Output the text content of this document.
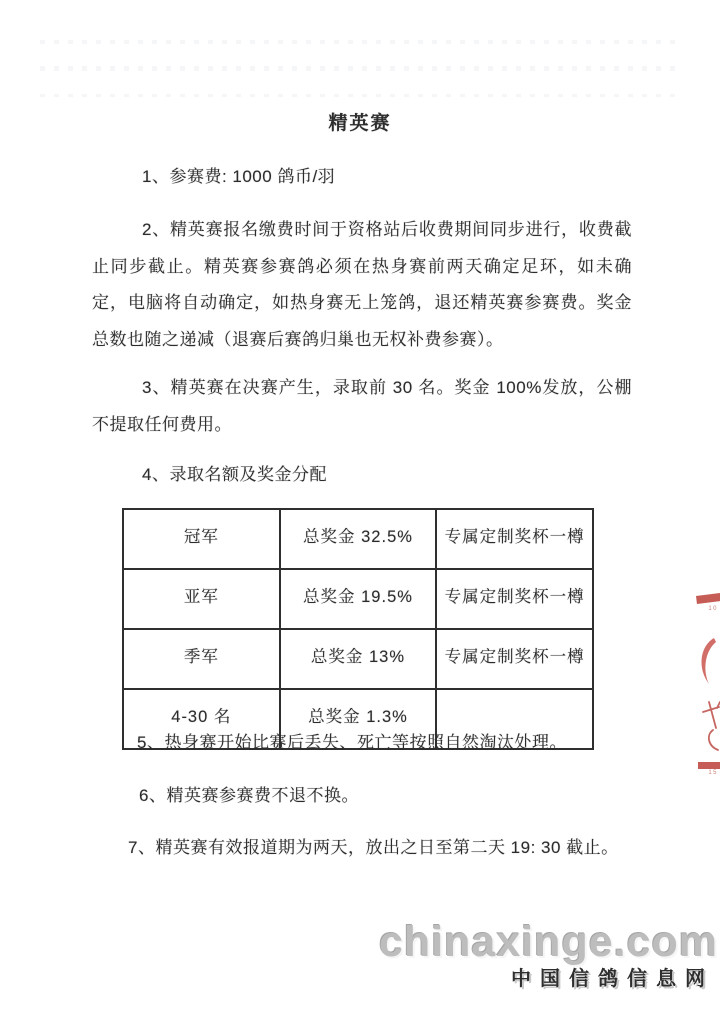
精英赛

1、参赛费: 1000 鸽币/羽

2、精英赛报名缴费时间于资格站后收费期间同步进行，收费截止同步截止。精英赛参赛鸽必须在热身赛前两天确定足环，如未确定，电脑将自动确定，如热身赛无上笼鸽，退还精英赛参赛费。奖金总数也随之递减（退赛后赛鸽归巢也无权补费参赛）。

3、精英赛在决赛产生，录取前 30 名。奖金 100%发放，公棚不提取任何费用。

4、录取名额及奖金分配

冠军	总奖金 32.5%	专属定制奖杯一樽
亚军	总奖金 19.5%	专属定制奖杯一樽
季军	总奖金 13%	专属定制奖杯一樽
4-30 名	总奖金 1.3%	

5、热身赛开始比赛后丢失、死亡等按照自然淘汰处理。

6、精英赛参赛费不退不换。

7、精英赛有效报道期为两天，放出之日至第二天 19: 30 截止。

10
15
chinaxinge.com
中国信鸽信息网
